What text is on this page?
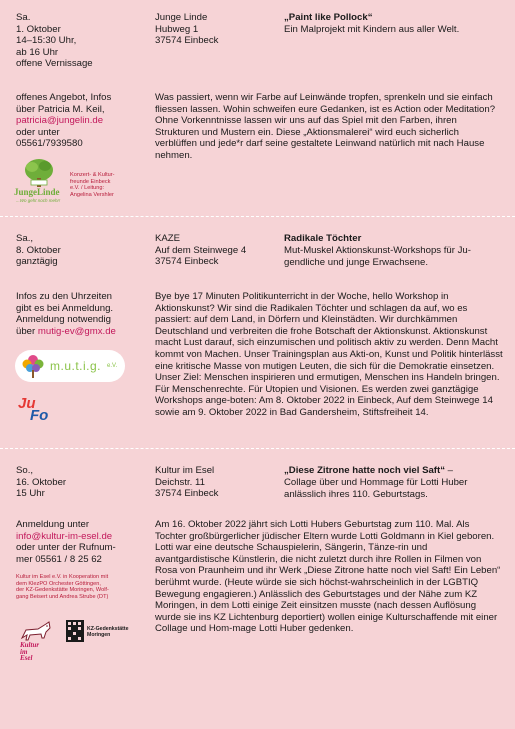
Sa.
1. Oktober
14–15:30 Uhr,
ab 16 Uhr
offene Vernissage

Junge Linde
Hubweg 1
37574 Einbeck

„Paint like Pollock“

Ein Malprojekt mit Kindern aus aller Welt.

offenes Angebot, Infos
über Patricia M. Keil,
patricia@jungelin.de
oder unter
05561/7939580

Was passiert, wenn wir Farbe auf Leinwände tropfen, sprenkeln und sie einfach fliessen lassen. Wohin schweifen eure Gedanken, ist es Action oder Meditation? Ohne Vorkenntnisse lassen wir uns auf das Spiel mit den Farben, ihren Strukturen und Mustern ein. Diese „Aktionsmalerei“ wird euch sicherlich verblüffen und jede*r darf seine gestaltete Leinwand natürlich mit nach Hause nehmen.

JungeLinde
...Wo geht noch mehr!
Konzert- & Kultur-
freunde Einbeck
e.V. / Leitung:
Angelina Vershler

Sa.,
8. Oktober
ganztägig

KAZE
Auf dem Steinwege 4
37574 Einbeck

Radikale Töchter

Mut-Muskel Aktionskunst-Workshops für Ju-
gendliche und junge Erwachsene.

Infos zu den Uhrzeiten
gibt es bei Anmeldung.
Anmeldung notwendig
über mutig-ev@gmx.de

Bye bye 17 Minuten Politikunterricht in der Woche, hello Workshop in Aktionskunst? Wir sind die Radikalen Töchter und schlagen da auf, wo es passiert: auf dem Land, in Dörfern und Kleinstädten. Wir durchkämmen Deutschland und verbreiten die frohe Botschaft der Aktionskunst. Aktionskunst macht Lust darauf, sich einzumischen und politisch aktiv zu werden. Denn Macht kommt von Machen. Unser Trainingsplan aus Akti-on, Kunst und Politik hinterlässt eine kritische Masse von mutigen Leuten, die sich für die Demokratie einsetzen. Unser Ziel: Menschen inspirieren und ermutigen, Menschen ins Handeln bringen. Für Menschenrechte. Für Utopien und Visionen. Es werden zwei ganztägige Workshops ange-boten: Am 8. Oktober 2022 in Einbeck, Auf dem Steinwege 14 sowie am 9. Oktober 2022 in Bad Gandersheim, Stiftsfreiheit 14.

m.u.t.i.g. e.V.
Ju
Fo

So.,
16. Oktober
15 Uhr

Kultur im Esel
Deichstr. 11
37574 Einbeck

„Diese Zitrone hatte noch viel Saft“ –

Collage über und Hommage für Lotti Huber
anlässlich ihres 110. Geburtstags.

Anmeldung unter
info@kultur-im-esel.de
oder unter der Rufnum-
mer 05561 / 8 25 62

Am 16. Oktober 2022 jährt sich Lotti Hubers Geburtstag zum 110. Mal. Als Tochter großbürgerlicher jüdischer Eltern wurde Lotti Goldmann in Kiel geboren. Lotti war eine deutsche Schauspielerin, Sängerin, Tänze-rin und avantgardistische Künstlerin, die nicht zuletzt durch ihre Rollen in Filmen von Rosa von Praunheim und ihr Werk „Diese Zitrone hatte noch viel Saft! Ein Leben“ berühmt wurde. (Heute würde sie sich höchst-wahrscheinlich in der LGBTIQ Bewegung engagieren.) Anlässlich des Geburtstages und der Nähe zum KZ Moringen, in dem Lotti einige Zeit einsitzen musste (nach dessen Auflösung wurde sie ins KZ Lichtenburg deportiert) wollen einige Kulturschaffende mit einer Collage und Hom-mage Lotti Huber gedenken.

Kultur im Esel e.V. in Kooperation mit
dem KlezPO Orchester Göttingen,
der KZ-Gedenkstätte Moringen, Wolf-
gang Beisert und Andrea Strube (DT)
Kultur
im
Esel
KZ-Gedenkstätte
Moringen
